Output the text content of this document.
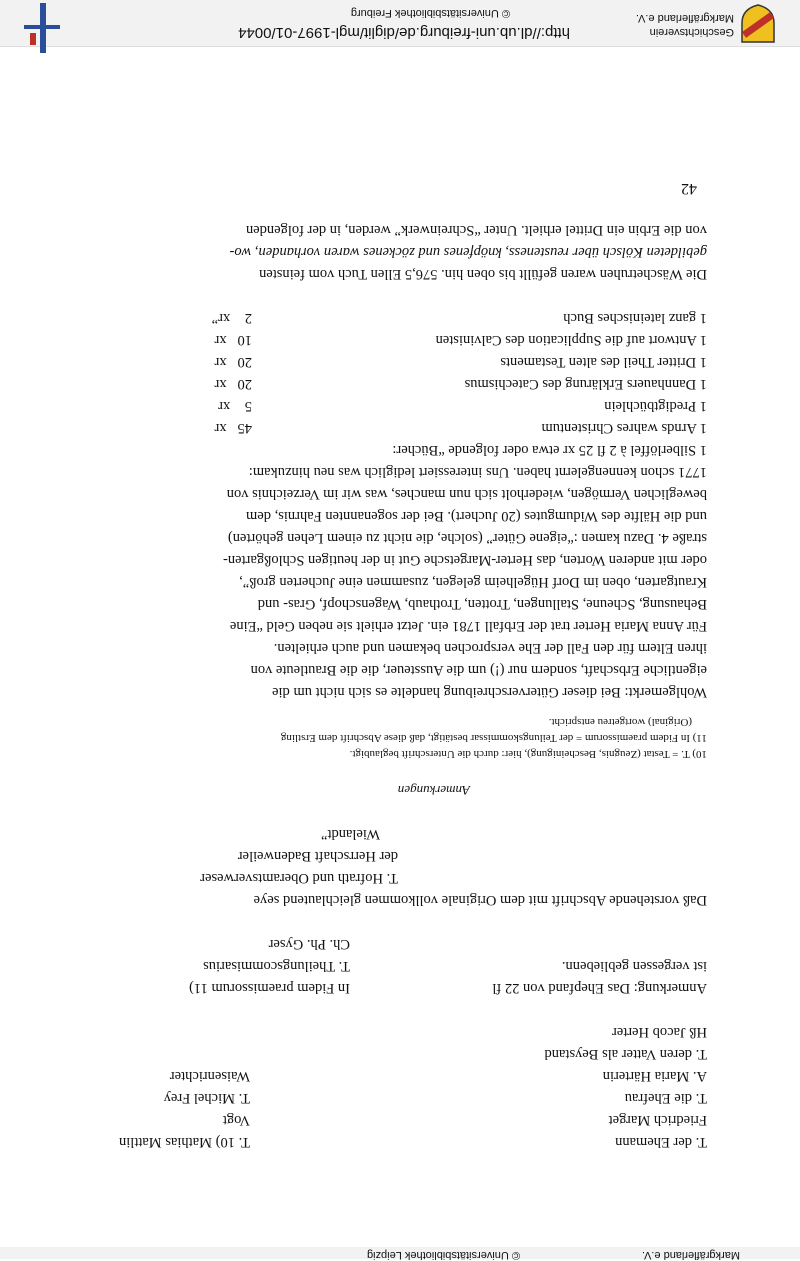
Geschichtsverein
Markgräflerland e.V.
http://dl.ub.uni-freiburg.de/diglit/mgl-1997-01/0044
© Universitätsbibliothek Freiburg
© Universitätsbibliothek Leipzig	Markgräflerland e.V.
42
von die Erbin ein Drittel erhielt. Unter “Schreinwerk” werden, in der folgenden
gebildeten Kölsch über reusteness, knöpfenes und zöckenes waren vorhanden, wo-
Die Wäschetruhen waren gefüllt bis oben hin. 576,5 Ellen Tuch vom feinsten
1 ganz lateinisches Buch
1 Antwort auf die Supplication des Calvinisten
1 Dritter Theil des alten Testaments
1 Dannhauers Erklärung des Catechismus
1 Predigtbüchlein
1 Arnds wahres Christentum
2    xr”
10   xr
20   xr
20   xr
5    xr
45   xr
1 Silberlöffel à 2 fl 25 xr etwa oder folgende “Bücher:
1771 schon kennengelernt haben. Uns interessiert lediglich was neu hinzukam:
beweglichen Vermögen, wiederholt sich nun manches, was wir im Verzeichnis von
und die Hälfte des Widumgutes (20 Juchert). Bei der sogenannten Fahrnis, dem
straße 4. Dazu kamen :“eigene Güter” (solche, die nicht zu einem Lehen gehörten)
oder mit anderen Worten, das Herter-Margetsche Gut in der heutigen Schloßgarten-
Krautgarten, oben im Dorf Hügelheim gelegen, zusammen eine Jucherten groß”,
Behausung, Scheune, Stallungen, Trotten, Trothaub, Wagenschopf, Gras- und
Für Anna Maria Herter trat der Erbfall 1781 ein. Jetzt erhielt sie neben Geld “Eine
ihren Eltern für den Fall der Ehe versprochen bekamen und auch erhielten.
eigentliche Erbschaft, sondern nur (!) um die Aussteuer, die die Brautleute von
Wohlgemerkt: Bei dieser Güterverschreibung handelte es sich nicht um die
(Original) wortgetreu entspricht.
11) In Fidem praemissorum = der Teilungskommissar bestätigt, daß diese Abschrift dem Erstling
10) T. = Testat (Zeugnis, Bescheinigung), hier: durch die Unterschrift beglaubigt.
Anmerkungen
Wielandt”
der Herrschaft Badenweiler
T. Hofrath und Oberamtsverweser
Daß vorstehende Abschrift mit dem Originale vollkommen gleichlautend seye
Ch. Ph. Gyser
T. Theilungscommisarius
In Fidem praemissorum 11)
ist vergessen gebliebenn.
Anmerkung: Das Ehepfand von 22 fl
Hß Jacob Herter
T. deren Vatter als Beystand
A. Maria Härterin
T. die Ehefrau
Friedrich Marget
T. der Ehemann
Waisenrichter
T. Michel Frey
Vogt
T. 10) Mathias Mattlin
